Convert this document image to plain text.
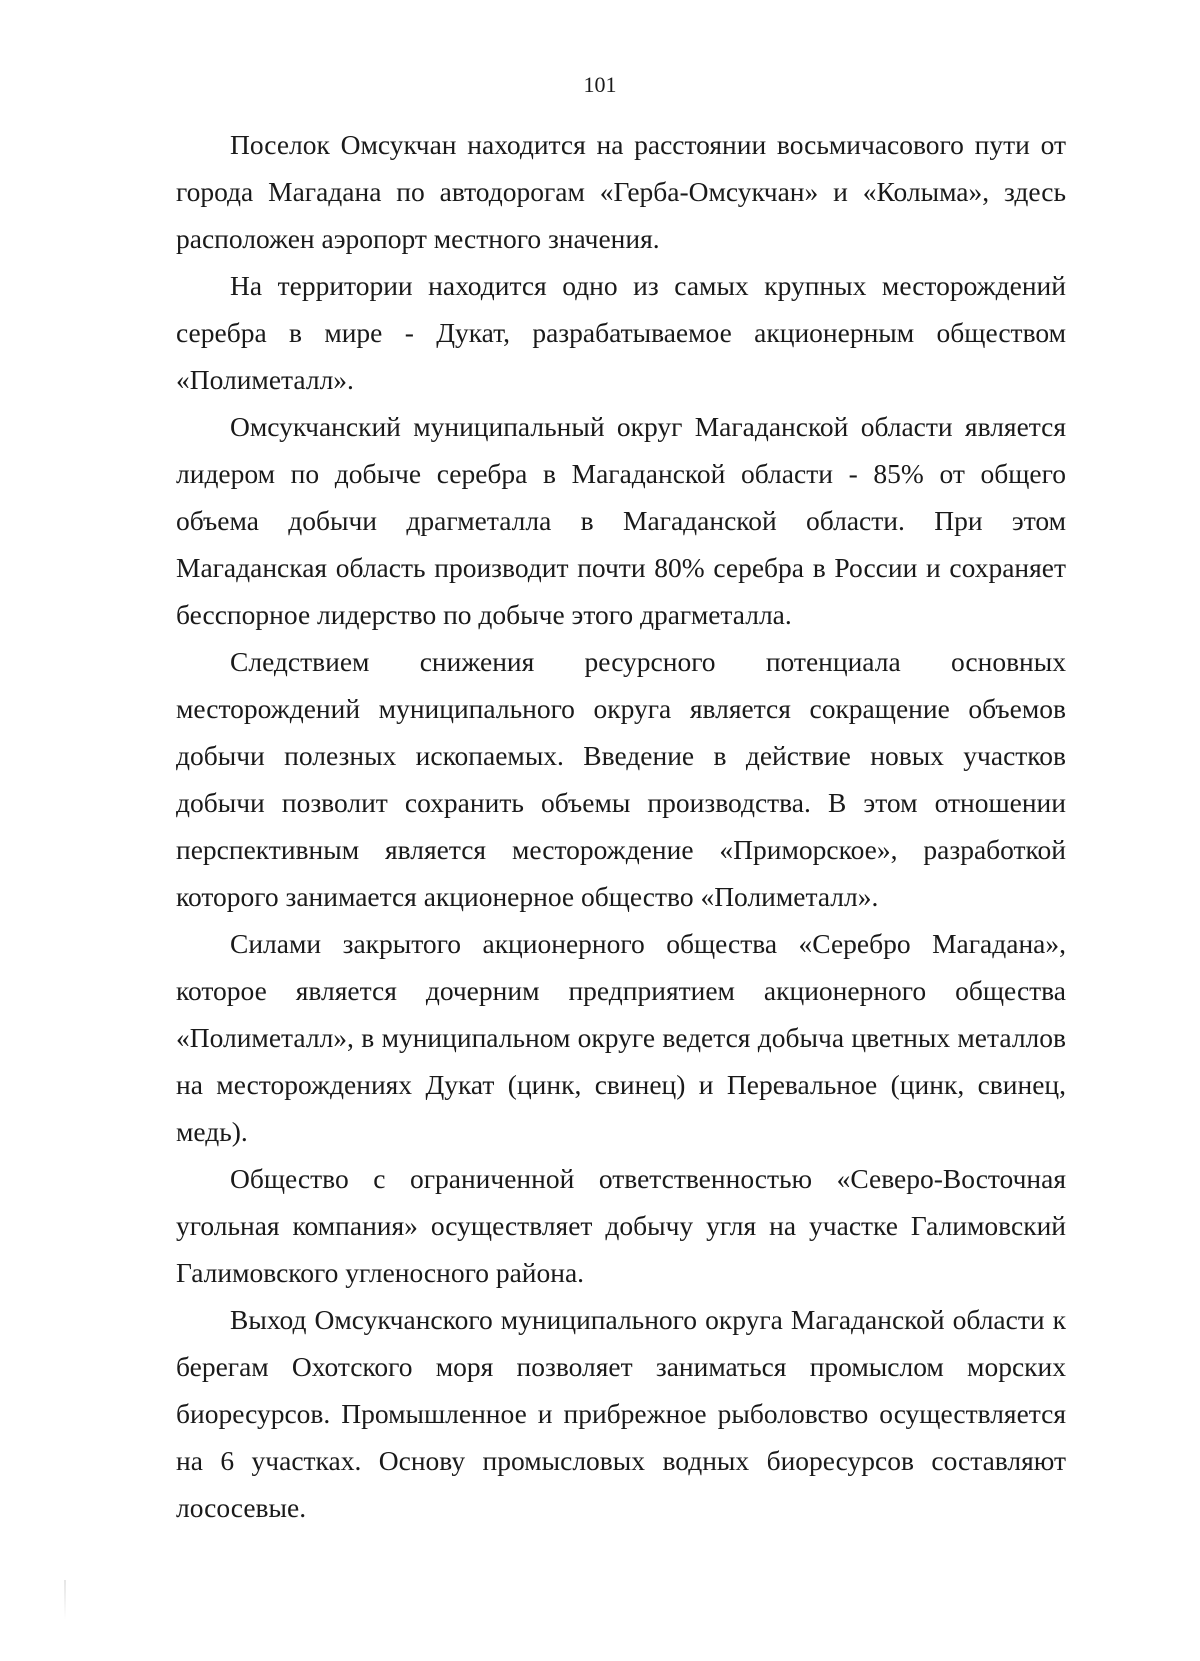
101

Поселок Омсукчан находится на расстоянии восьмичасового пути от города Магадана по автодорогам «Герба-Омсукчан» и «Колыма», здесь расположен аэропорт местного значения.

На территории находится одно из самых крупных месторождений серебра в мире - Дукат, разрабатываемое акционерным обществом «Полиметалл».

Омсукчанский муниципальный округ Магаданской области является лидером по добыче серебра в Магаданской области - 85% от общего объема добычи драгметалла в Магаданской области. При этом Магаданская область производит почти 80% серебра в России и сохраняет бесспорное лидерство по добыче этого драгметалла.

Следствием снижения ресурсного потенциала основных месторождений муниципального округа является сокращение объемов добычи полезных ископаемых. Введение в действие новых участков добычи позволит сохранить объемы производства. В этом отношении перспективным является месторождение «Приморское», разработкой которого занимается акционерное общество «Полиметалл».

Силами закрытого акционерного общества «Серебро Магадана», которое является дочерним предприятием акционерного общества «Полиметалл», в муниципальном округе ведется добыча цветных металлов на месторождениях Дукат (цинк, свинец) и Перевальное (цинк, свинец, медь).

Общество с ограниченной ответственностью «Северо-Восточная угольная компания» осуществляет добычу угля на участке Галимовский Галимовского угленосного района.

Выход Омсукчанского муниципального округа Магаданской области к берегам Охотского моря позволяет заниматься промыслом морских биоресурсов. Промышленное и прибрежное рыболовство осуществляется на 6 участках. Основу промысловых водных биоресурсов составляют лососевые.
